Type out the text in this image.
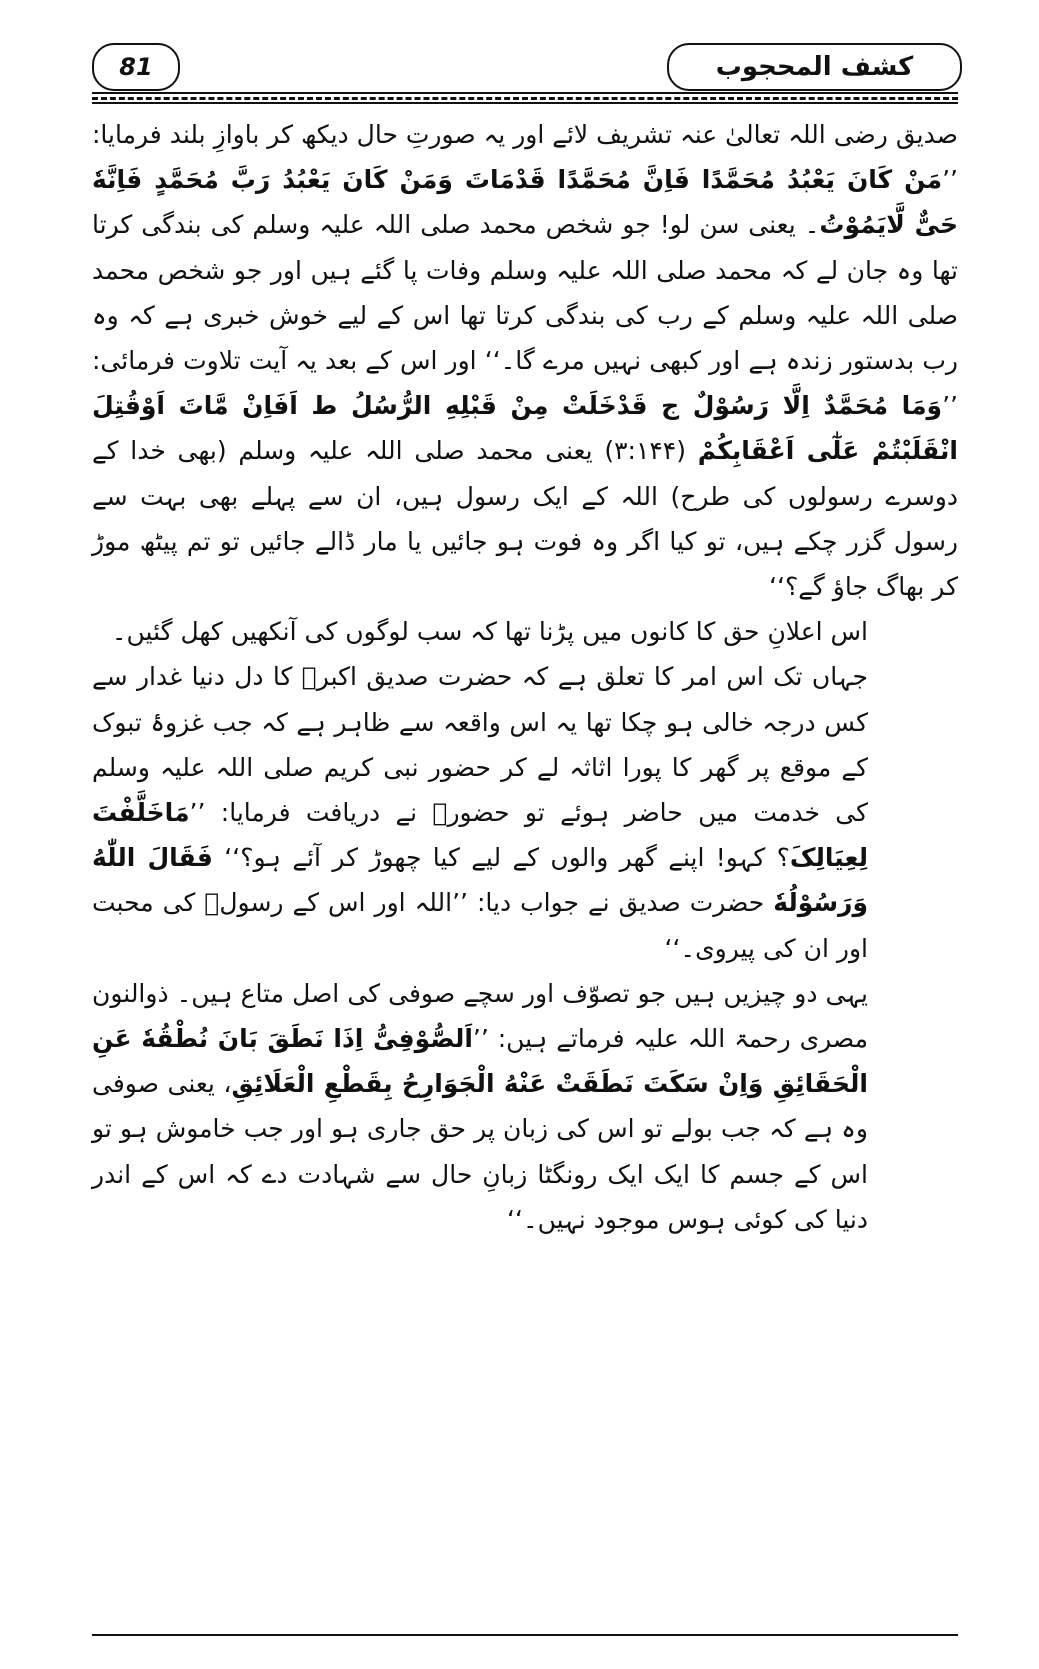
81	کشف المحجوب

صدیق رضی اللہ تعالیٰ عنہ تشریف لائے اور یہ صورتِ حال دیکھ کر باوازِ بلند فرمایا: ’’مَنْ کَانَ یَعْبُدُ مُحَمَّدًا فَاِنَّ مُحَمَّدًا قَدْمَاتَ وَمَنْ کَانَ یَعْبُدُ رَبَّ مُحَمَّدٍ فَاِنَّهٗ حَیٌّ لَّایَمُوْتُ۔ یعنی سن لو! جو شخص محمد صلی اللہ علیہ وسلم کی بندگی کرتا تھا وہ جان لے کہ محمد صلی اللہ علیہ وسلم وفات پا گئے ہیں اور جو شخص محمد صلی اللہ علیہ وسلم کے رب کی بندگی کرتا تھا اس کے لیے خوش خبری ہے کہ وہ رب بدستور زندہ ہے اور کبھی نہیں مرے گا۔‘‘ اور اس کے بعد یہ آیت تلاوت فرمائی: ’’وَمَا مُحَمَّدٌ اِلَّا رَسُوْلٌ ج قَدْخَلَتْ مِنْ قَبْلِهِ الرُّسُلُ ط اَفَاِنْ مَّاتَ اَوْقُتِلَ انْقَلَبْتُمْ عَلٰٓی اَعْقَابِکُمْ (۳:۱۴۴) یعنی محمد صلی اللہ علیہ وسلم (بھی خدا کے دوسرے رسولوں کی طرح) اللہ کے ایک رسول ہیں، ان سے پہلے بھی بہت سے رسول گزر چکے ہیں، تو کیا اگر وہ فوت ہو جائیں یا مار ڈالے جائیں تو تم پیٹھ موڑ کر بھاگ جاؤ گے؟‘‘

اس اعلانِ حق کا کانوں میں پڑنا تھا کہ سب لوگوں کی آنکھیں کھل گئیں۔

جہاں تک اس امر کا تعلق ہے کہ حضرت صدیق اکبرؓ کا دل دنیا غدار سے کس درجہ خالی ہو چکا تھا یہ اس واقعہ سے ظاہر ہے کہ جب غزوۂ تبوک کے موقع پر گھر کا پورا اثاثہ لے کر حضور نبی کریم صلی اللہ علیہ وسلم کی خدمت میں حاضر ہوئے تو حضورؐ نے دریافت فرمایا: ’’مَاخَلَّفْتَ لِعِیَالِکَ؟ کہو! اپنے گھر والوں کے لیے کیا چھوڑ کر آئے ہو؟‘‘ فَقَالَ اللّٰهُ وَرَسُوْلُهٗ حضرت صدیق نے جواب دیا: ’’اللہ اور اس کے رسولؐ کی محبت اور ان کی پیروی۔‘‘

یہی دو چیزیں ہیں جو تصوّف اور سچے صوفی کی اصل متاع ہیں۔ ذوالنون مصری رحمۃ اللہ علیہ فرماتے ہیں: ’’اَلصُّوْفِیُّ اِذَا نَطَقَ بَانَ نُطْقُهٗ عَنِ الْحَقَائِقِ وَاِنْ سَکَتَ نَطَقَتْ عَنْهُ الْجَوَارِحُ بِقَطْعِ الْعَلَائِقِ، یعنی صوفی وہ ہے کہ جب بولے تو اس کی زبان پر حق جاری ہو اور جب خاموش ہو تو اس کے جسم کا ایک ایک رونگٹا زبانِ حال سے شہادت دے کہ اس کے اندر دنیا کی کوئی ہوس موجود نہیں۔‘‘
